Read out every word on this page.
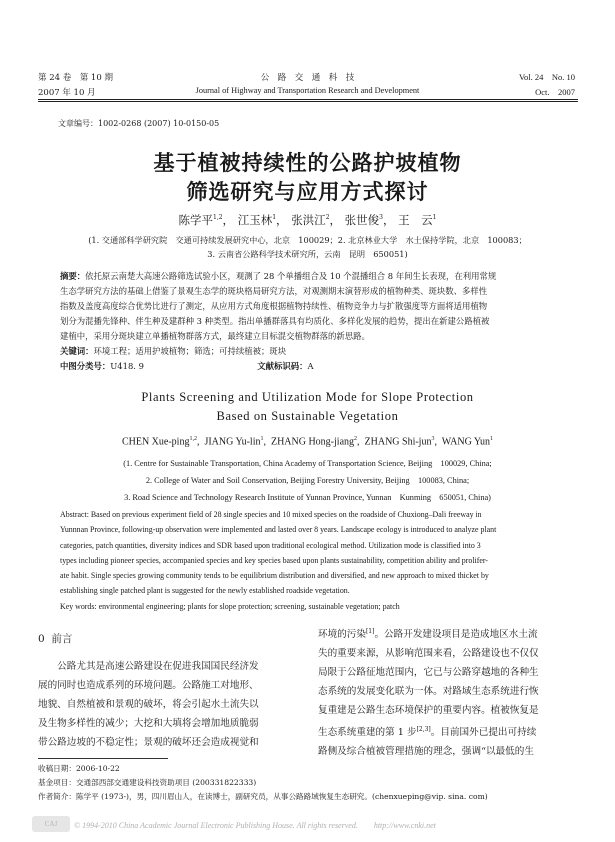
第 24 卷　第 10 期
2007 年 10 月
公　路　交　通　科　技
Journal of Highway and Transportation Research and Development
Vol. 24　No. 10
Oct.　2007
文章编号：1002-0268 (2007) 10-0150-05
基于植被持续性的公路护坡植物
筛选研究与应用方式探讨
陈学平$^{1,2}$， 江玉林$^1$， 张洪江$^2$， 张世俊$^3$， 王　云$^1$
(1. 交通部科学研究院　交通可持续发展研究中心，北京　100029；2. 北京林业大学　水土保持学院，北京　100083；
3. 云南省公路科学技术研究所，云南　昆明　650051)
摘要：依托原云南楚大高速公路筛选试验小区，观测了 28 个单播组合及 10 个混播组合 8 年间生长表现，在利用常规
生态学研究方法的基础上借鉴了景观生态学的斑块格局研究方法，对观测期末演替形成的植物种类、斑块数、多样性
指数及盖度高度综合优势比进行了测定，从应用方式角度根据植物持续性、植物竞争力与扩散强度等方面将适用植物
划分为混播先锋种、伴生种及建群种 3 种类型。指出单播群落具有均质化、多样化发展的趋势，提出在新建公路植被
建植中，采用分斑块建立单播植物群落方式，最终建立目标混交植物群落的新思路。
关键词：环境工程；适用护坡植物；筛选；可持续植被；斑块
中图分类号：U418. 9	文献标识码：A
Plants Screening and Utilization Mode for Slope Protection
Based on Sustainable Vegetation
CHEN Xue-ping$^{1,2}$,  JIANG Yu-lin$^1$,  ZHANG Hong-jiang$^2$,  ZHANG Shi-jun$^3$,  WANG Yun$^1$
(1. Centre for Sustainable Transportation, China Academy of Transportation Science, Beijing　100029, China;
2. College of Water and Soil Conservation, Beijing Forestry University, Beijing　100083, China;
3. Road Science and Technology Research Institute of Yunnan Province, Yunnan　Kunming　650051, China)
Abstract: Based on previous experiment field of 28 single species and 10 mixed species on the roadside of Chuxiong–Dali freeway in
Yunnnan Province, following-up observation were implemented and lasted over 8 years. Landscape ecology is introduced to analyze plant
categories, patch quantities, diversity indices and SDR based upon traditional ecological method. Utilization mode is classified into 3
types including pioneer species, accompanied species and key species based upon plants sustainability, competition ability and prolifer-
ate habit. Single species growing community tends to be equilibrium distribution and diversified, and new approach to mixed thicket by
establishing single patched plant is suggested for the newly established roadside vegetation.
Key words: environmental engineering; plants for slope protection; screening, sustainable vegetation; patch
0 前言
　　公路尤其是高速公路建设在促进我国国民经济发
展的同时也造成系列的环境问题。公路施工对地形、
地貌、自然植被和景观的破坏，将会引起水土流失以
及生物多样性的减少；大挖和大填将会增加地质脆弱
带公路边坡的不稳定性；景观的破坏还会造成视觉和
环境的污染[1]。公路开发建设项目是造成地区水土流
失的重要来源，从影响范围来看，公路建设也不仅仅
局限于公路征地范围内，它已与公路穿越地的各种生
态系统的发展变化联为一体。对路域生态系统进行恢
复重建是公路生态环境保护的重要内容。植被恢复是
生态系统重建的第 1 步[2,3]。目前国外已提出可持续
路侧及综合植被管理措施的理念，强调“以最低的生
收稿日期：2006-10-22
基金项目：交通部西部交通建设科技资助项目 (200331822333)
作者简介：陈学平 (1973-)，男，四川眉山人，在读博士，副研究员，从事公路路域恢复生态研究。(chenxueping@vip. sina. com)
CAJ	© 1994-2010 China Academic Journal Electronic Publishing House. All rights reserved.　　http://www.cnki.net
